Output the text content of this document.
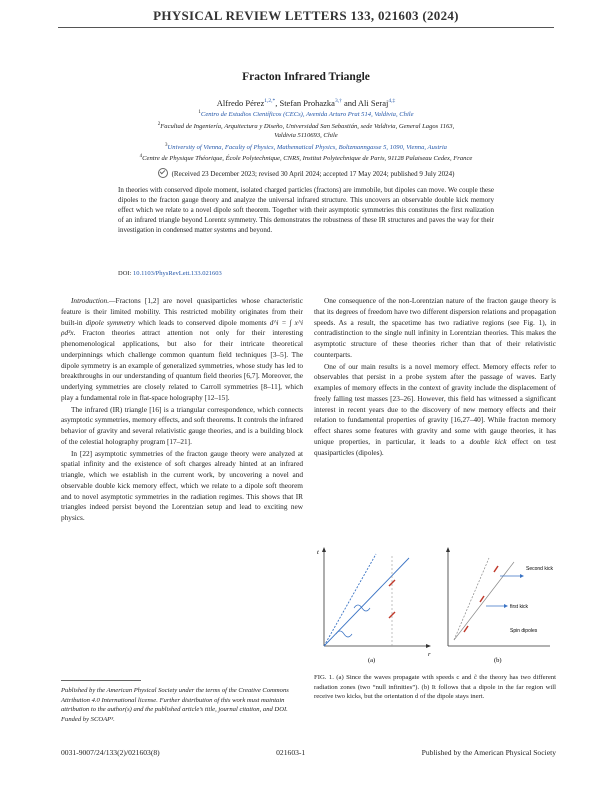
PHYSICAL REVIEW LETTERS 133, 021603 (2024)
Fracton Infrared Triangle
Alfredo Pérez$^{1,2,*}$, Stefan Prohazka$^{3,\dagger}$ and Ali Seraj$^{4,\ddagger}$
$^1$Centro de Estudios Científicos (CECs), Avenida Arturo Prat 514, Valdivia, Chile
$^2$Facultad de Ingeniería, Arquitectura y Diseño, Universidad San Sebastián, sede Valdivia, General Lagos 1163, Valdivia 5110693, Chile
$^3$University of Vienna, Faculty of Physics, Mathematical Physics, Boltzmanngasse 5, 1090, Vienna, Austria
$^4$Centre de Physique Théorique, École Polytechnique, CNRS, Institut Polytechnique de Paris, 91128 Palaiseau Cedex, France
(Received 23 December 2023; revised 30 April 2024; accepted 17 May 2024; published 9 July 2024)
In theories with conserved dipole moment, isolated charged particles (fractons) are immobile, but dipoles can move. We couple these dipoles to the fracton gauge theory and analyze the universal infrared structure. This uncovers an observable double kick memory effect which we relate to a novel dipole soft theorem. Together with their asymptotic symmetries this constitutes the first realization of an infrared triangle beyond Lorentz symmetry. This demonstrates the robustness of these IR structures and paves the way for their investigation in condensed matter systems and beyond.
DOI: 10.1103/PhysRevLett.133.021603

Introduction.—Fractons [1,2] are novel quasiparticles whose characteristic feature is their limited mobility. This restricted mobility originates from their built-in dipole symmetry which leads to conserved dipole moments d^i = ∫ x^i ρd³x. Fracton theories attract attention not only for their interesting phenomenological applications, but also for their intricate theoretical underpinnings which challenge common quantum field techniques [3–5]. The dipole symmetry is an example of generalized symmetries, whose study has led to breakthroughs in our understanding of quantum field theories [6,7]. Moreover, the underlying symmetries are closely related to Carroll symmetries [8–11], which play a fundamental role in flat-space holography [12–15].

The infrared (IR) triangle [16] is a triangular correspondence, which connects asymptotic symmetries, memory effects, and soft theorems. It controls the infrared behavior of gravity and several relativistic gauge theories, and is a building block of the celestial holography program [17–21].

In [22] asymptotic symmetries of the fracton gauge theory were analyzed at spatial infinity and the existence of soft charges already hinted at an infrared triangle, which we establish in the current work, by uncovering a novel and observable double kick memory effect, which we relate to a dipole soft theorem and to novel asymptotic symmetries in the radiation regimes. This shows that IR triangles indeed persist beyond the Lorentzian setup and lead to exciting new physics.

One consequence of the non-Lorentzian nature of the fracton gauge theory is that its degrees of freedom have two different dispersion relations and propagation speeds. As a result, the spacetime has two radiative regions (see Fig. 1), in contradistinction to the single null infinity in Lorentzian theories. This makes the asymptotic structure of these theories richer than that of their relativistic counterparts.

One of our main results is a novel memory effect. Memory effects refer to observables that persist in a probe system after the passage of waves. Early examples of memory effects in the context of gravity include the displacement of freely falling test masses [23–26]. However, this field has witnessed a significant interest in recent years due to the discovery of new memory effects and their relation to fundamental properties of gravity [16,27–40]. While fracton memory effect shares some features with gravity and some with gauge theories, it has unique properties, in particular, it leads to a double kick effect on test quasiparticles (dipoles).

r
t
(a)
Second kick
first kick
Spin dipoles
(b)
FIG. 1. (a) Since the waves propagate with speeds c and c̃ the theory has two different radiation zones (two “null infinities”). (b) It follows that a dipole in the far region will receive two kicks, but the orientation d of the dipole stays inert.
Published by the American Physical Society under the terms of the Creative Commons Attribution 4.0 International license. Further distribution of this work must maintain attribution to the author(s) and the published article’s title, journal citation, and DOI. Funded by SCOAP³.
0031-9007/24/133(2)/021603(8)	021603-1	Published by the American Physical Society
